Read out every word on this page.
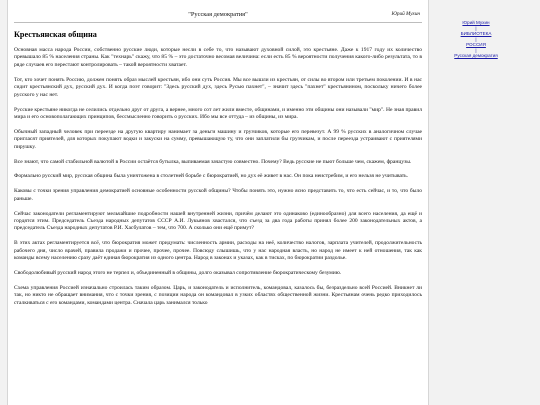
"Русская демократия"	Юрий Мухин
Крестьянская община

Основная масса народа России, собственно русские люди, которые несли в себе то, что называют духовной силой, это крестьяне. Даже к 1917 году их количество превышало 85 % населения страны. Как "технарь" скажу, что 85 % – это достаточно весомая величина: если есть 85 % вероятности получения какого-либо результата, то в ряде случаев его перестают контролировать – такой вероятности хватает.

Тот, кто хочет понять Россию, должен понять образ мыслей крестьян, ибо они суть Россия. Мы все вышли из крестьян, от силы во втором или третьем поколении. И в нас сидит крестьянский дух, русский дух. И когда поэт говорит: "Здесь русский дух, здесь Русью пахнет", – значит здесь "пахнет" крестьянином, поскольку ничего более русского у нас нет.

Русские крестьяне никогда не селились отдельно друг от друга, а вернее, много сот лет жили вместе, общинами, и именно эти общины они называли "мир". Не зная правил мира и его основополагающих принципов, бессмысленно говорить о русских. Ибо мы все оттуда – из общины, из мира.

Обычный западный человек при переезде на другую квартиру нанимает за деньги машину и грузчиков, которые его перевезут. А 99 % русских в аналогичном случае пригласят приятелей, для которых покупают водки и закуски на сумму, превышающую ту, что они заплатили бы грузчикам, и после переезда устраивают с приятелями пирушку.

Все знают, что самой стабильной валютой в России остаётся бутылка, выпиваемая зачастую совместно. Почему? Ведь русские не пьют больше чем, скажем, французы.

Формально русский мир, русская община была уничтожена в столетней борьбе с бюрократией, но дух её живет в нас. Он пока неистребим, и его нельзя не учитывать.

Каковы с точки зрения управления демократией основные особенности русской общины? Чтобы понять это, нужно ясно представить то, что есть сейчас, и то, что было раньше.

Сейчас законодатели регламентируют мельчайшие подробности нашей внутренней жизни, причём делают это одинаково (единообразно) для всего населения, да ещё и гордятся этим. Председатель Съезда народных депутатов СССР А.И. Лукьянов хвастался, что съезд за два года работы принял более 200 законодательных актов, а председатель Съезда народных депутатов Р.И. Хасбулатов – тем, что 700. А сколько они ещё примут?

В этих актах регламентируется всё, что бюрократия может придумать: численность армии, расходы на неё, количество налогов, зарплата учителей, продолжительность рабочего дня, число врачей, правила продажи и прочее, прочее, прочее. Повсюду слышишь, что у нас народная власть, но народ не имеет к ней отношения, так как команды всему населению сразу даёт единая бюрократия из одного центра. Народ в законах и указах, как в тисках, по бюрократии раздолье.

Свободолюбивый русский народ этого не терпел и, объединенный в общины, долго оказывал сопротивление бюрократическому безумию.

Схема управления Россией изначально строилась таким образом. Царь, и законодатель и исполнитель, командовал, казалось бы, безраздельно всей Россией. Вникнет ли так, но никто не обращает внимания, что с точки зрения, с позиции народа он командовал в узких областях общественной жизни. Крестьянам очень редко приходилось сталкиваться с его командами, командами центра. Сначала царь занимался только

Юрий Мухин
|
БИБЛИОТЕКА
|
РОССИЯ
|
Русская демократия
